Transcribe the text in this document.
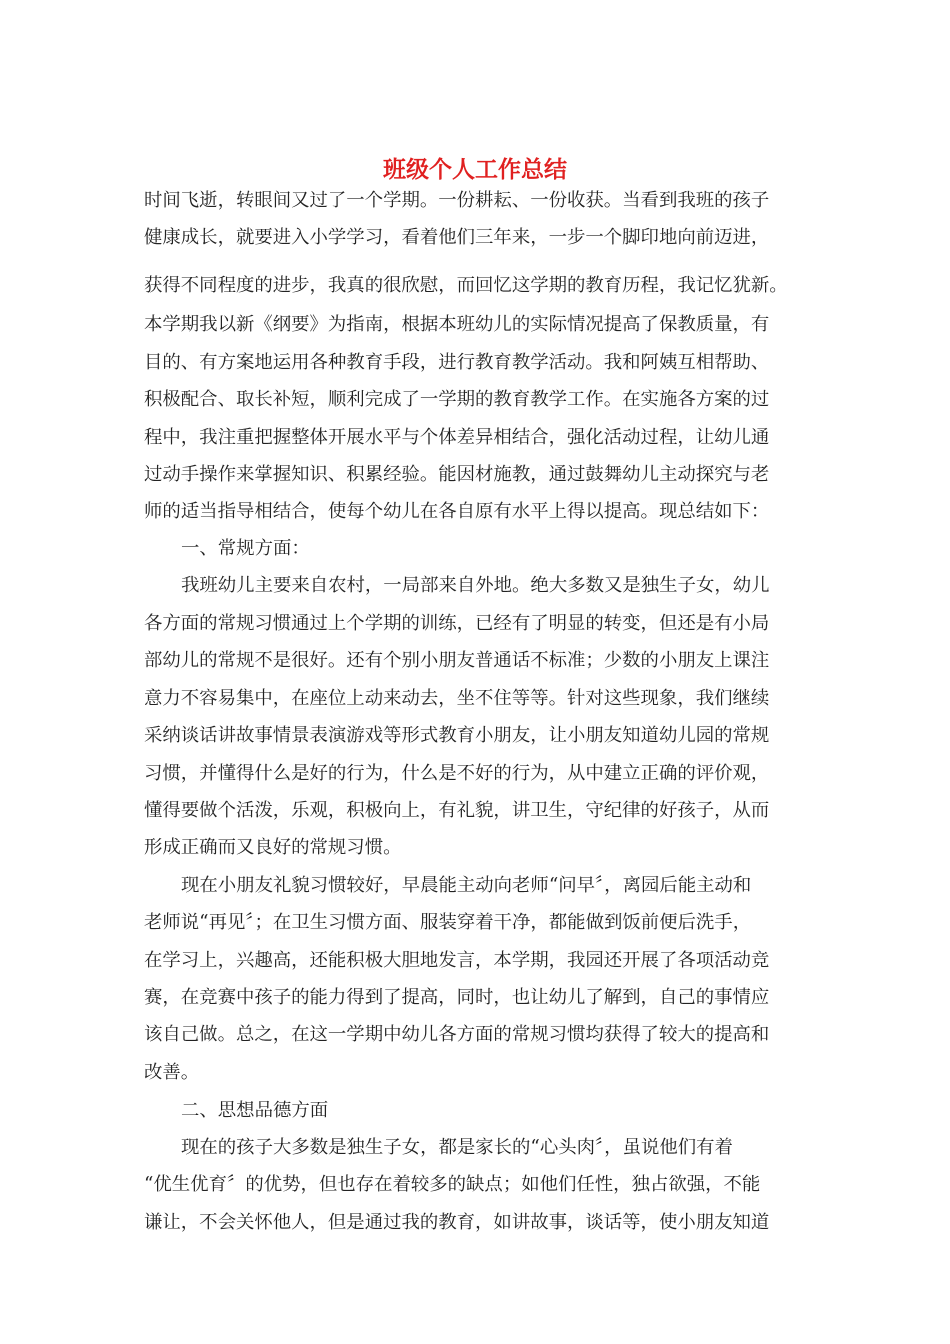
班级个人工作总结
时间飞逝，转眼间又过了一个学期。一份耕耘、一份收获。当看到我班的孩子
健康成长，就要进入小学学习，看着他们三年来，一步一个脚印地向前迈进，
获得不同程度的进步，我真的很欣慰，而回忆这学期的教育历程，我记忆犹新。
本学期我以新《纲要》为指南，根据本班幼儿的实际情况提高了保教质量，有
目的、有方案地运用各种教育手段，进行教育教学活动。我和阿姨互相帮助、
积极配合、取长补短，顺利完成了一学期的教育教学工作。在实施各方案的过
程中，我注重把握整体开展水平与个体差异相结合，强化活动过程，让幼儿通
过动手操作来掌握知识、积累经验。能因材施教，通过鼓舞幼儿主动探究与老
师的适当指导相结合，使每个幼儿在各自原有水平上得以提高。现总结如下：
一、常规方面：
我班幼儿主要来自农村，一局部来自外地。绝大多数又是独生子女，幼儿
各方面的常规习惯通过上个学期的训练，已经有了明显的转变，但还是有小局
部幼儿的常规不是很好。还有个别小朋友普通话不标准；少数的小朋友上课注
意力不容易集中，在座位上动来动去，坐不住等等。针对这些现象，我们继续
采纳谈话讲故事情景表演游戏等形式教育小朋友，让小朋友知道幼儿园的常规
习惯，并懂得什么是好的行为，什么是不好的行为，从中建立正确的评价观，
懂得要做个活泼，乐观，积极向上，有礼貌，讲卫生，守纪律的好孩子，从而
形成正确而又良好的常规习惯。
现在小朋友礼貌习惯较好，早晨能主动向老师“问早〞，离园后能主动和
老师说“再见〞；在卫生习惯方面、服装穿着干净，都能做到饭前便后洗手，
在学习上，兴趣高，还能积极大胆地发言，本学期，我园还开展了各项活动竞
赛，在竞赛中孩子的能力得到了提高，同时，也让幼儿了解到，自己的事情应
该自己做。总之，在这一学期中幼儿各方面的常规习惯均获得了较大的提高和
改善。
二、思想品德方面
现在的孩子大多数是独生子女，都是家长的“心头肉〞，虽说他们有着
“优生优育〞的优势，但也存在着较多的缺点；如他们任性，独占欲强，不能
谦让，不会关怀他人，但是通过我的教育，如讲故事，谈话等，使小朋友知道
